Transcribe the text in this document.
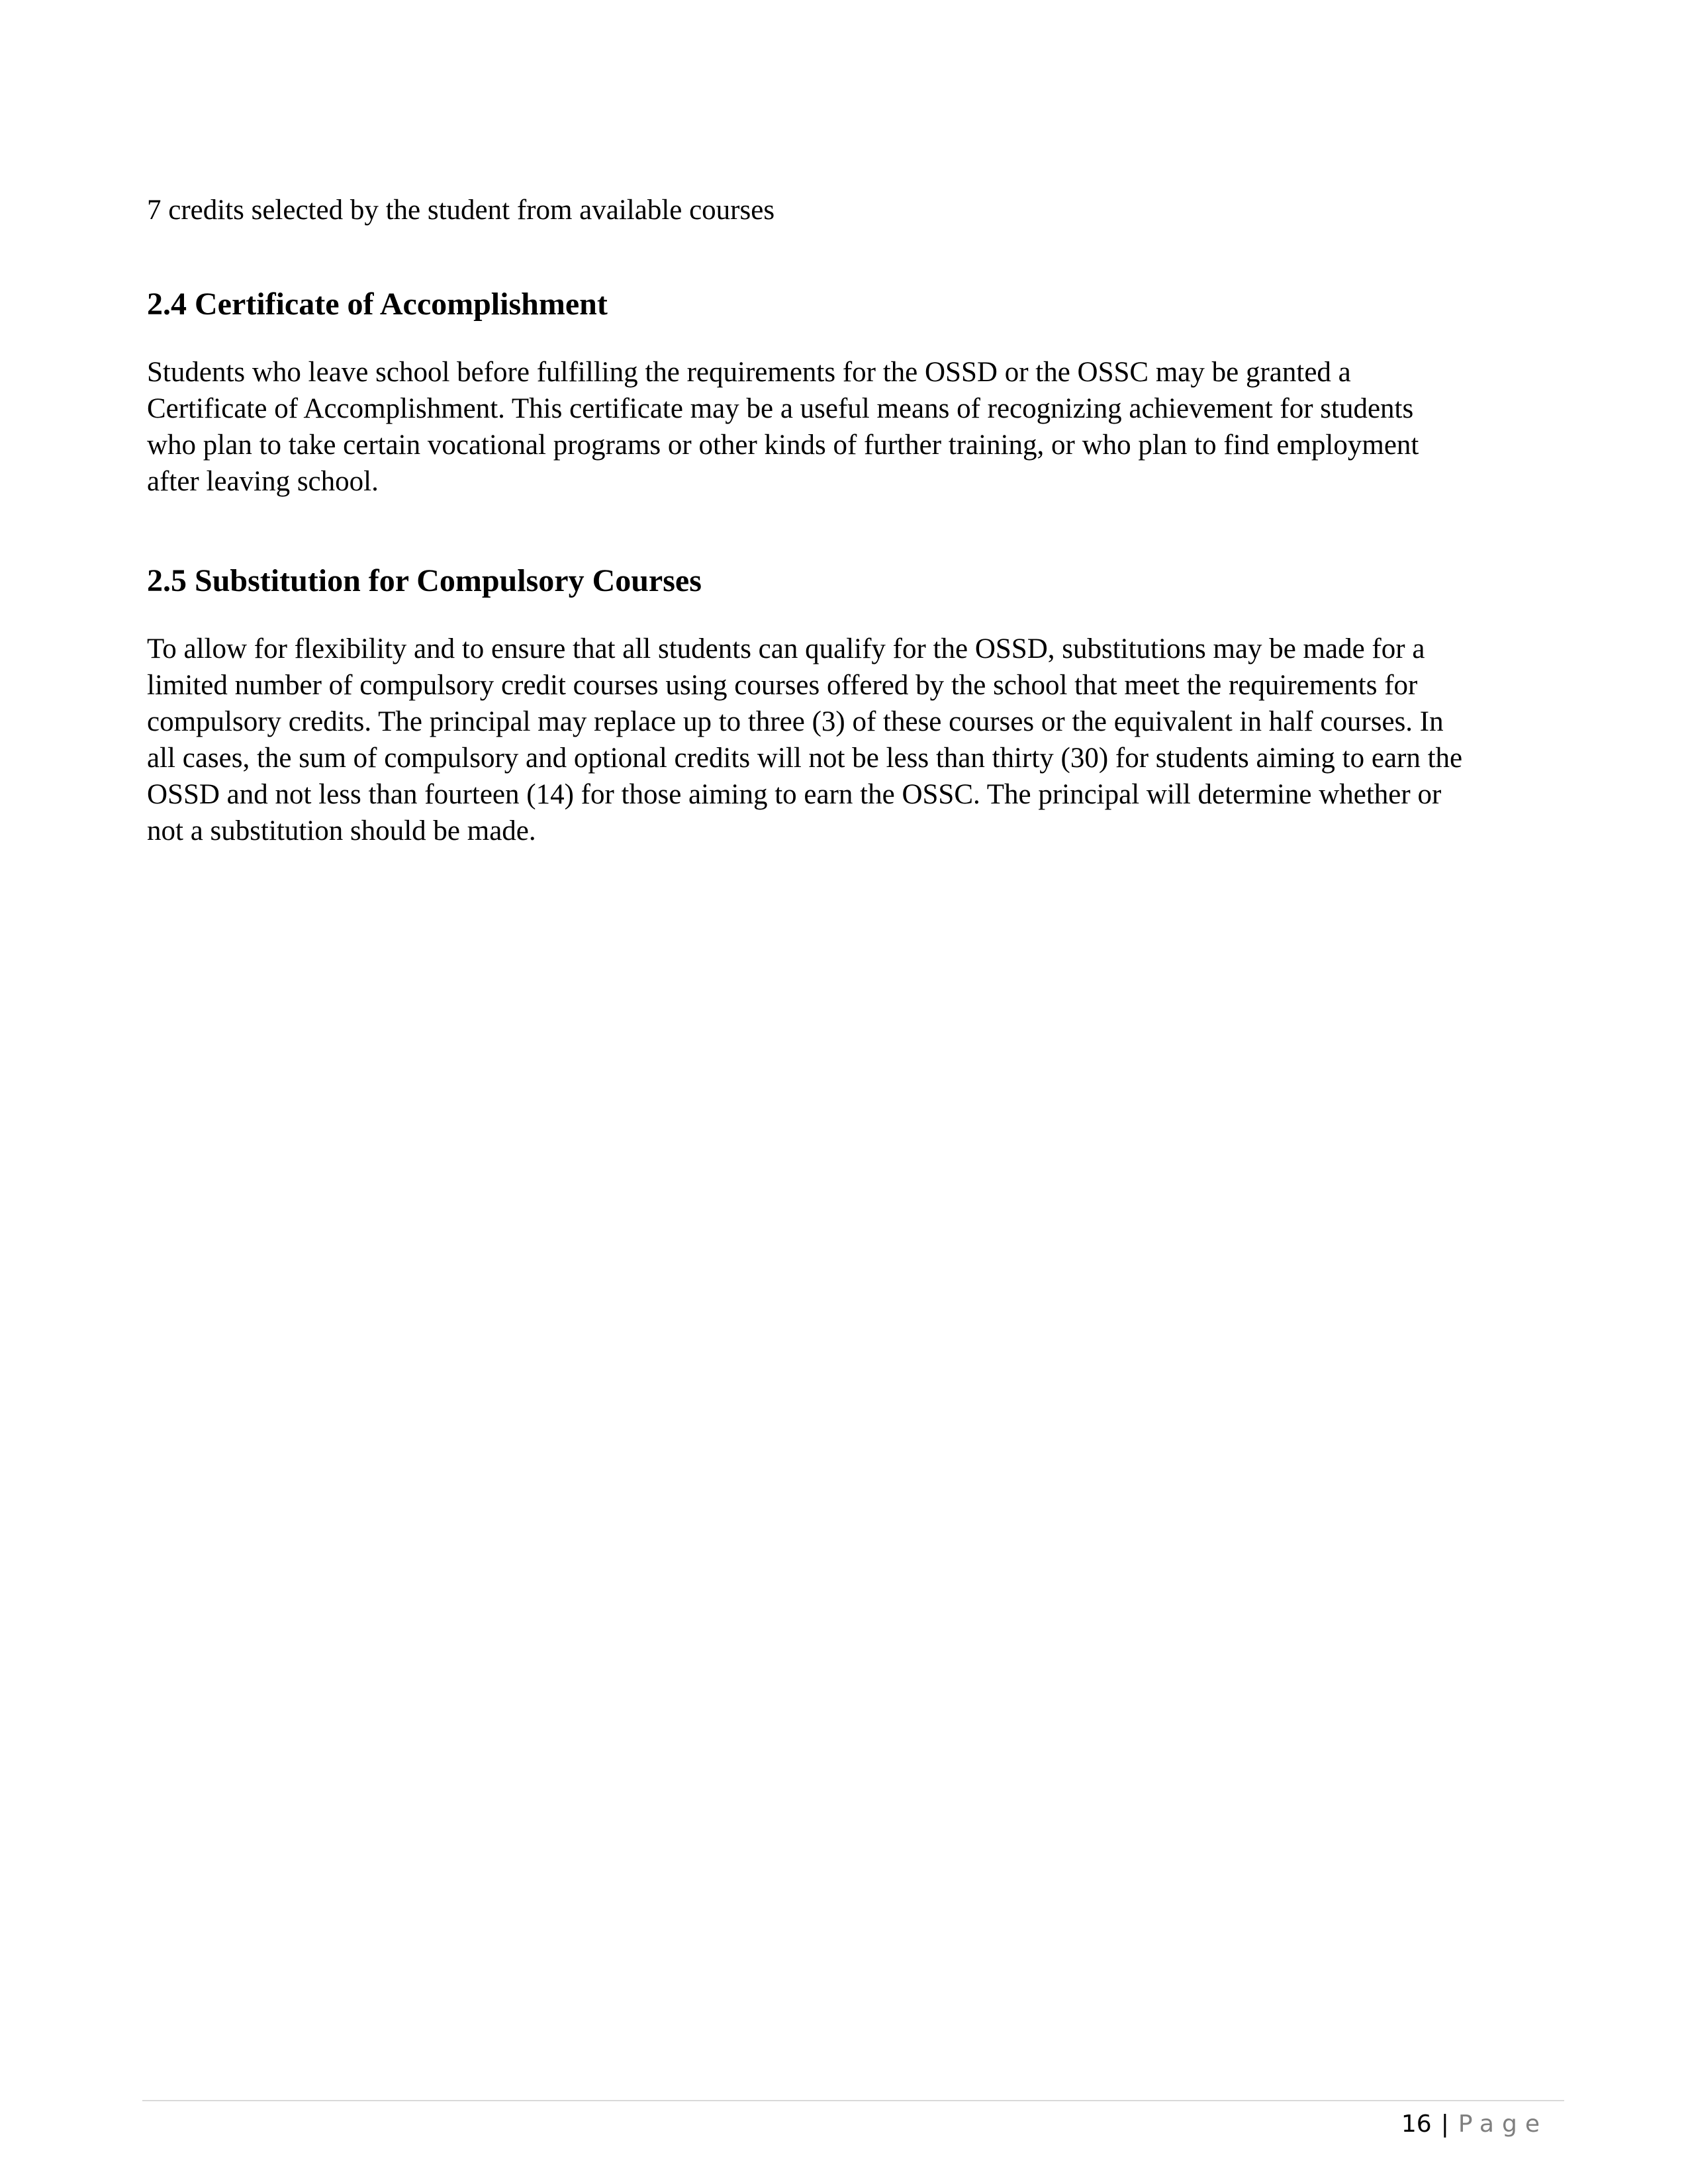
7 credits selected by the student from available courses

2.4 Certificate of Accomplishment

Students who leave school before fulfilling the requirements for the OSSD or the OSSC may be granted a
Certificate of Accomplishment. This certificate may be a useful means of recognizing achievement for students
who plan to take certain vocational programs or other kinds of further training, or who plan to find employment
after leaving school.

2.5 Substitution for Compulsory Courses

To allow for flexibility and to ensure that all students can qualify for the OSSD, substitutions may be made for a
limited number of compulsory credit courses using courses offered by the school that meet the requirements for
compulsory credits. The principal may replace up to three (3) of these courses or the equivalent in half courses. In
all cases, the sum of compulsory and optional credits will not be less than thirty (30) for students aiming to earn the
OSSD and not less than fourteen (14) for those aiming to earn the OSSC. The principal will determine whether or
not a substitution should be made.

16 | Page
